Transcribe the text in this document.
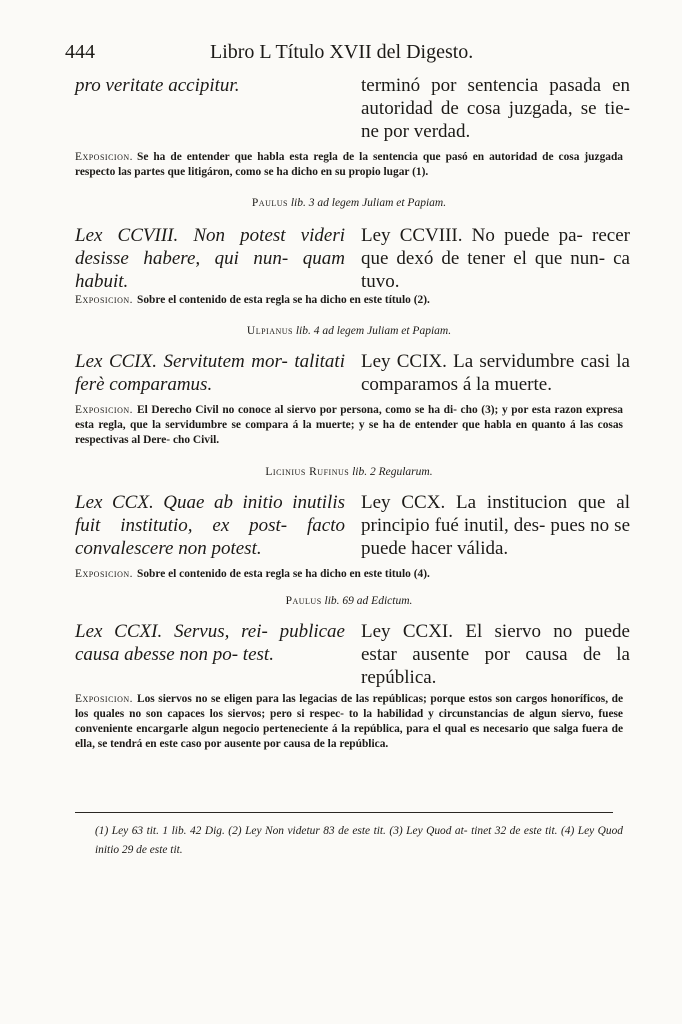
444	Libro L Título XVII del Digesto.
pro veritate accipitur.	terminó por sentencia pasada en autoridad de cosa juzgada, se tie- ne por verdad.
Exposicion. Se ha de entender que habla esta regla de la sentencia que pasó en autoridad de cosa juzgada respecto las partes que litigáron, como se ha dicho en su propio lugar (1).
Paulus lib. 3 ad legem Juliam et Papiam.
Lex CCVIII. Non potest videri desisse habere, qui nun- quam habuit.
Ley CCVIII. No puede pa- recer que dexó de tener el que nun- ca tuvo.
Exposicion. Sobre el contenido de esta regla se ha dicho en este título (2).
Ulpianus lib. 4 ad legem Juliam et Papiam.
Lex CCIX. Servitutem mor- talitati ferè comparamus.
Ley CCIX. La servidumbre casi la comparamos á la muerte.
Exposicion. El Derecho Civil no conoce al siervo por persona, como se ha di- cho (3); y por esta razon expresa esta regla, que la servidumbre se compara á la muerte; y se ha de entender que habla en quanto á las cosas respectivas al Dere- cho Civil.
Licinius Rufinus lib. 2 Regularum.
Lex CCX. Quae ab initio inutilis fuit institutio, ex post- facto convalescere non potest.
Ley CCX. La institucion que al principio fué inutil, des- pues no se puede hacer válida.
Exposicion. Sobre el contenido de esta regla se ha dicho en este titulo (4).
Paulus lib. 69 ad Edictum.
Lex CCXI. Servus, rei- publicae causa abesse non po- test.
Ley CCXI. El siervo no puede estar ausente por causa de la república.
Exposicion. Los siervos no se eligen para las legacias de las repúblicas; porque estos son cargos honoríficos, de los quales no son capaces los siervos; pero si respec- to la habilidad y circunstancias de algun siervo, fuese conveniente encargarle algun negocio perteneciente á la república, para el qual es necesario que salga fuera de ella, se tendrá en este caso por ausente por causa de la república.
(1) Ley 63 tit. 1 lib. 42 Dig. (2) Ley Non videtur 83 de este tit. (3) Ley Quod at- tinet 32 de este tit. (4) Ley Quod initio 29 de este tit.
